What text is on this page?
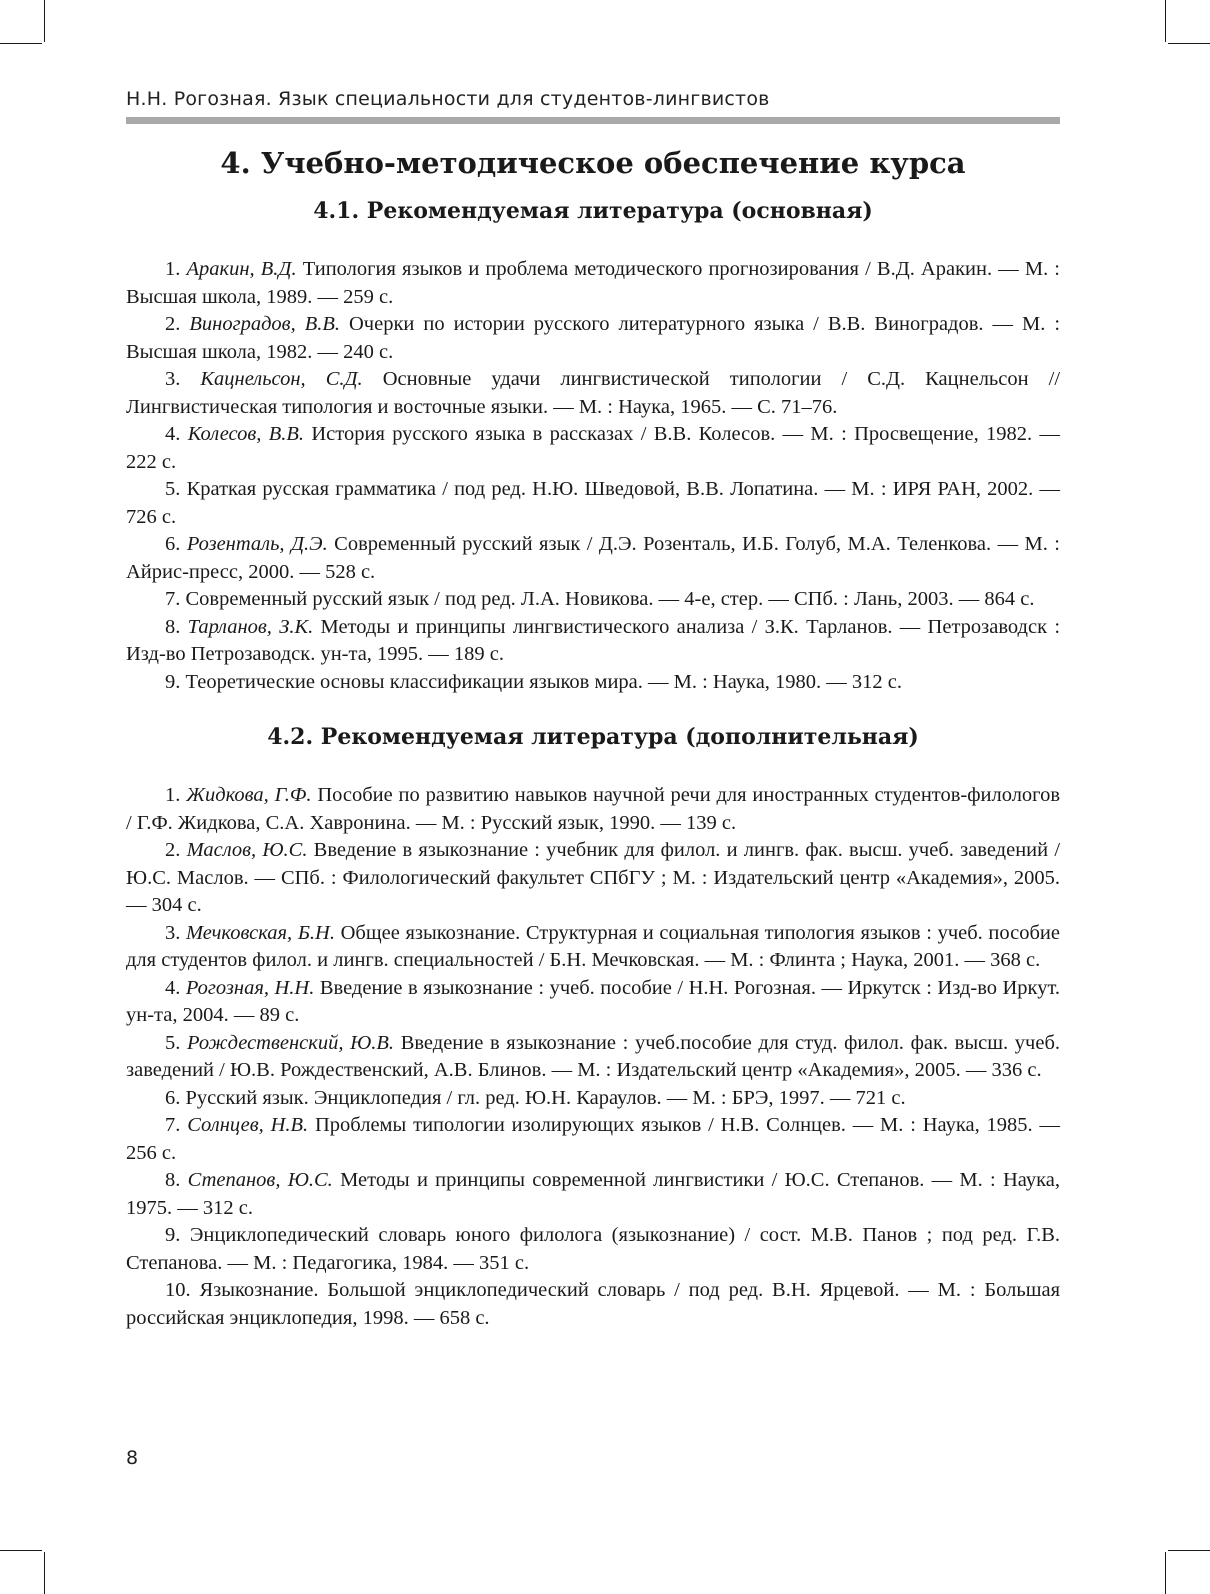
Н.Н. Рогозная. Язык специальности для студентов-лингвистов
4. Учебно-методическое обеспечение курса
4.1. Рекомендуемая литература (основная)
1. Аракин, В.Д. Типология языков и проблема методического прогнозирования / В.Д. Аракин. — М. : Высшая школа, 1989. — 259 с.
2. Виноградов, В.В. Очерки по истории русского литературного языка / В.В. Виноградов. — М. : Высшая школа, 1982. — 240 с.
3. Кацнельсон, С.Д. Основные удачи лингвистической типологии / С.Д. Кацнельсон // Лингвистическая типология и восточные языки. — М. : Наука, 1965. — С. 71–76.
4. Колесов, В.В. История русского языка в рассказах / В.В. Колесов. — М. : Просвещение, 1982. — 222 с.
5. Краткая русская грамматика / под ред. Н.Ю. Шведовой, В.В. Лопатина. — М. : ИРЯ РАН, 2002. — 726 с.
6. Розенталь, Д.Э. Современный русский язык / Д.Э. Розенталь, И.Б. Голуб, М.А. Теленкова. — М. : Айрис-пресс, 2000. — 528 с.
7. Современный русский язык / под ред. Л.А. Новикова. — 4-е, стер. — СПб. : Лань, 2003. — 864 с.
8. Тарланов, З.К. Методы и принципы лингвистического анализа / З.К. Тарланов. — Петрозаводск : Изд-во Петрозаводск. ун-та, 1995. — 189 с.
9. Теоретические основы классификации языков мира. — М. : Наука, 1980. — 312 с.
4.2. Рекомендуемая литература (дополнительная)
1. Жидкова, Г.Ф. Пособие по развитию навыков научной речи для иностранных студентов-филологов / Г.Ф. Жидкова, С.А. Хавронина. — М. : Русский язык, 1990. — 139 с.
2. Маслов, Ю.С. Введение в языкознание : учебник для филол. и лингв. фак. высш. учеб. заведений / Ю.С. Маслов. — СПб. : Филологический факультет СПбГУ ; М. : Издательский центр «Академия», 2005. — 304 с.
3. Мечковская, Б.Н. Общее языкознание. Структурная и социальная типология языков : учеб. пособие для студентов филол. и лингв. специальностей / Б.Н. Мечковская. — М. : Флинта ; Наука, 2001. — 368 с.
4. Рогозная, Н.Н. Введение в языкознание : учеб. пособие / Н.Н. Рогозная. — Иркутск : Изд-во Иркут. ун-та, 2004. — 89 с.
5. Рождественский, Ю.В. Введение в языкознание : учеб.пособие для студ. филол. фак. высш. учеб. заведений / Ю.В. Рождественский, А.В. Блинов. — М. : Издательский центр «Академия», 2005. — 336 с.
6. Русский язык. Энциклопедия / гл. ред. Ю.Н. Караулов. — М. : БРЭ, 1997. — 721 с.
7. Солнцев, Н.В. Проблемы типологии изолирующих языков / Н.В. Солнцев. — М. : Наука, 1985. — 256 с.
8. Степанов, Ю.С. Методы и принципы современной лингвистики / Ю.С. Степанов. — М. : Наука, 1975. — 312 с.
9. Энциклопедический словарь юного филолога (языкознание) / сост. М.В. Панов ; под ред. Г.В. Степанова. — М. : Педагогика, 1984. — 351 с.
10. Языкознание. Большой энциклопедический словарь / под ред. В.Н. Ярцевой. — М. : Большая российская энциклопедия, 1998. — 658 с.
8
